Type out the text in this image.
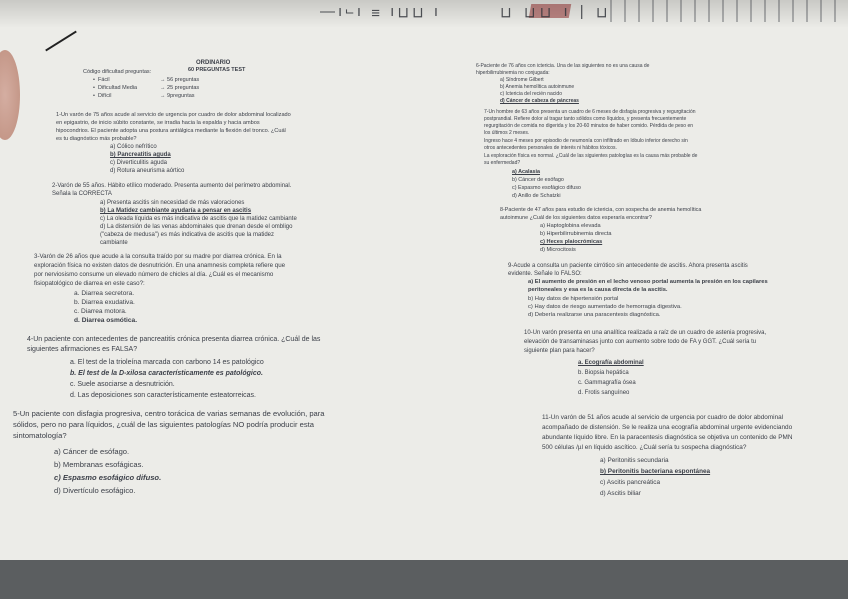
—ı⌐ı ≡ ı⊓⊓ ı	⊓ ⊓⊓ ı | ⊓
ORDINARIO
60 PREGUNTAS TEST
Código dificultad preguntas:
•  Fácil	→ 56 preguntas
•  Dificultad Media	→ 25 preguntas
•  Difícil	→ 9preguntas
1-Un varón de 75 años acude al servicio de urgencia por cuadro de dolor abdominal localizado
en epigastrio, de inicio súbito constante, se irradia hacia la espalda y hacia ambos
hipocondrios. El paciente adopta una postura antiálgica mediante la flexión del tronco. ¿Cuál
es tu diagnóstico más probable?
a) Cólico nefrítico
b) Pancreatitis aguda
c) Diverticulitis aguda
d) Rotura aneurisma aórtico
2-Varón de 55 años. Hábito etílico moderado. Presenta aumento del perímetro abdominal.
Señala la CORRECTA
a) Presenta ascitis sin necesidad de más valoraciones
b) La Matidez cambiante ayudaría a pensar en ascitis
c) La oleada líquida es más indicativa de ascitis que la matidez cambiante
d) La distensión de las venas abdominales que drenan desde el ombligo
("cabeza de medusa") es más indicativa de ascitis que la matidez
cambiante
3-Varón de 26 años que acude a la consulta traído por su madre por diarrea crónica. En la
exploración física no existen datos de desnutrición. En una anamnesis completa refiere que
por nerviosismo consume un elevado número de chicles al día. ¿Cuál es el mecanismo
fisiopatológico de diarrea en este caso?:
a. Diarrea secretora.
b. Diarrea exudativa.
c. Diarrea motora.
d. Diarrea osmótica.
4-Un paciente con antecedentes de pancreatitis crónica presenta diarrea crónica. ¿Cuál de las
siguientes afirmaciones es FALSA?
a. El test de la trioleína marcada con carbono 14 es patológico
b. El test de la D-xilosa característicamente es patológico.
c. Suele asociarse a desnutrición.
d. Las deposiciones son característicamente esteatorreicas.
5-Un paciente con disfagia progresiva, centro torácica de varias semanas de evolución, para
sólidos, pero no para líquidos, ¿cuál de las siguientes patologías NO podría producir esta
sintomatología?
a) Cáncer de esófago.
b) Membranas esofágicas.
c) Espasmo esofágico difuso.
d) Divertículo esofágico.
6-Paciente de 76 años con ictericia. Una de las siguientes no es una causa de
hiperbilirrubinemia no conjugada:
a) Síndrome Gilbert
b) Anemia hemolítica autoinmune
c) Ictericia del recién nacido
d) Cáncer de cabeza de páncreas
7-Un hombre de 63 años presenta un cuadro de 6 meses de disfagia progresiva y regurgitación
postprandial. Refiere dolor al tragar tanto sólidos como líquidos, y presenta frecuentemente
regurgitación de comida no digerida y los 20-60 minutos de haber comido. Pérdida de peso en
los últimos 2 meses.
Ingreso hace 4 meses por episodio de neumonía con infiltrado en lóbulo inferior derecho sin
otros antecedentes personales de interés ni hábitos tóxicos.
La exploración física es normal. ¿Cuál de las siguientes patologías es la causa más probable de
su enfermedad?
a) Acalasia
b) Cáncer de esófago
c) Espasmo esofágico difuso
d) Anillo de Schatzki
8-Paciente de 47 años para estudio de ictericia, con sospecha de anemia hemolítica
autoinmune ¿Cuál de los siguientes datos esperaría encontrar?
a) Haptoglobina elevada
b) Hiperbilirrubinemia directa
c) Heces plaiocrómicas
d) Microcitosis
9-Acude a consulta un paciente cirrótico sin antecedente de ascitis. Ahora presenta ascitis
evidente. Señale lo FALSO:
a) El aumento de presión en el lecho venoso portal aumenta la presión en los capilares
peritoneales y esa es la causa directa de la ascitis.
b) Hay datos de hipertensión portal
c) Hay datos de riesgo aumentado de hemorragia digestiva.
d) Debería realizarse una paracentesis diagnóstica.
10-Un varón presenta en una analítica realizada a raíz de un cuadro de astenia progresiva,
elevación de transaminasas junto con aumento sobre todo de FA y GGT. ¿Cuál sería tu
siguiente plan para hacer?
a. Ecografía abdominal
b. Biopsia hepática
c. Gammagrafía ósea
d. Frotis sanguíneo
11-Un varón de 51 años acude al servicio de urgencia por cuadro de dolor abdominal
acompañado de distensión. Se le realiza una ecografía abdominal urgente evidenciando
abundante líquido libre. En la paracentesis diagnóstica se objetiva un contenido de PMN
500 células /µl en líquido ascítico. ¿Cuál sería tu sospecha diagnóstica?
a) Peritonitis secundaria
b) Peritonitis bacteriana espontánea
c) Ascitis pancreática
d) Ascitis biliar
